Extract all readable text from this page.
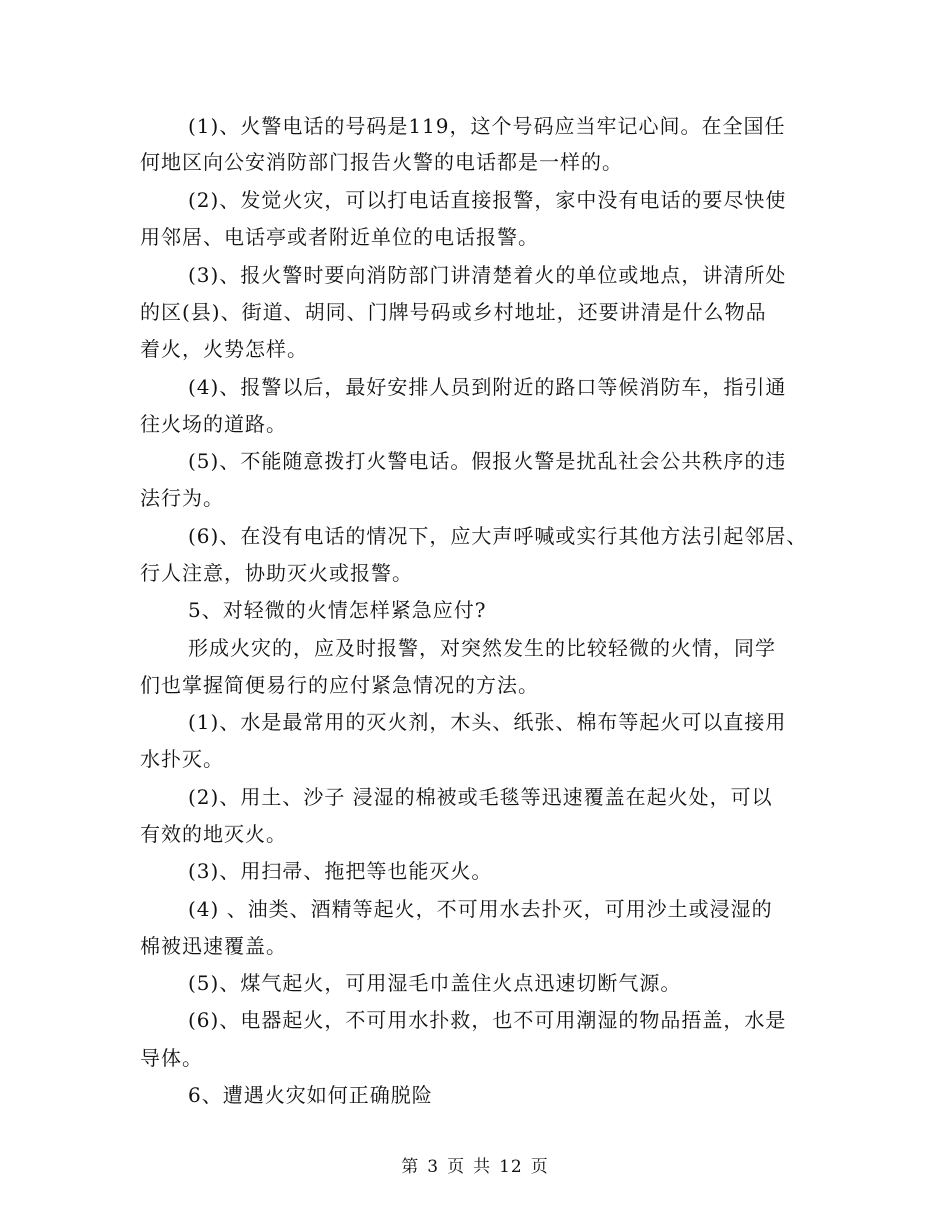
(1)、火警电话的号码是119，这个号码应当牢记心间。在全国任
何地区向公安消防部门报告火警的电话都是一样的。
(2)、发觉火灾，可以打电话直接报警，家中没有电话的要尽快使
用邻居、电话亭或者附近单位的电话报警。
(3)、报火警时要向消防部门讲清楚着火的单位或地点，讲清所处
的区(县)、街道、胡同、门牌号码或乡村地址，还要讲清是什么物品
着火，火势怎样。
(4)、报警以后，最好安排人员到附近的路口等候消防车，指引通
往火场的道路。
(5)、不能随意拨打火警电话。假报火警是扰乱社会公共秩序的违
法行为。
(6)、在没有电话的情况下，应大声呼喊或实行其他方法引起邻居、
行人注意，协助灭火或报警。
5、对轻微的火情怎样紧急应付?
形成火灾的，应及时报警，对突然发生的比较轻微的火情，同学
们也掌握简便易行的应付紧急情况的方法。
(1)、水是最常用的灭火剂，木头、纸张、棉布等起火可以直接用
水扑灭。
(2)、用土、沙子 浸湿的棉被或毛毯等迅速覆盖在起火处，可以
有效的地灭火。
(3)、用扫帚、拖把等也能灭火。
(4) 、油类、酒精等起火，不可用水去扑灭，可用沙土或浸湿的
棉被迅速覆盖。
(5)、煤气起火，可用湿毛巾盖住火点迅速切断气源。
(6)、电器起火，不可用水扑救，也不可用潮湿的物品捂盖，水是
导体。
6、遭遇火灾如何正确脱险
第 3 页 共 12 页
